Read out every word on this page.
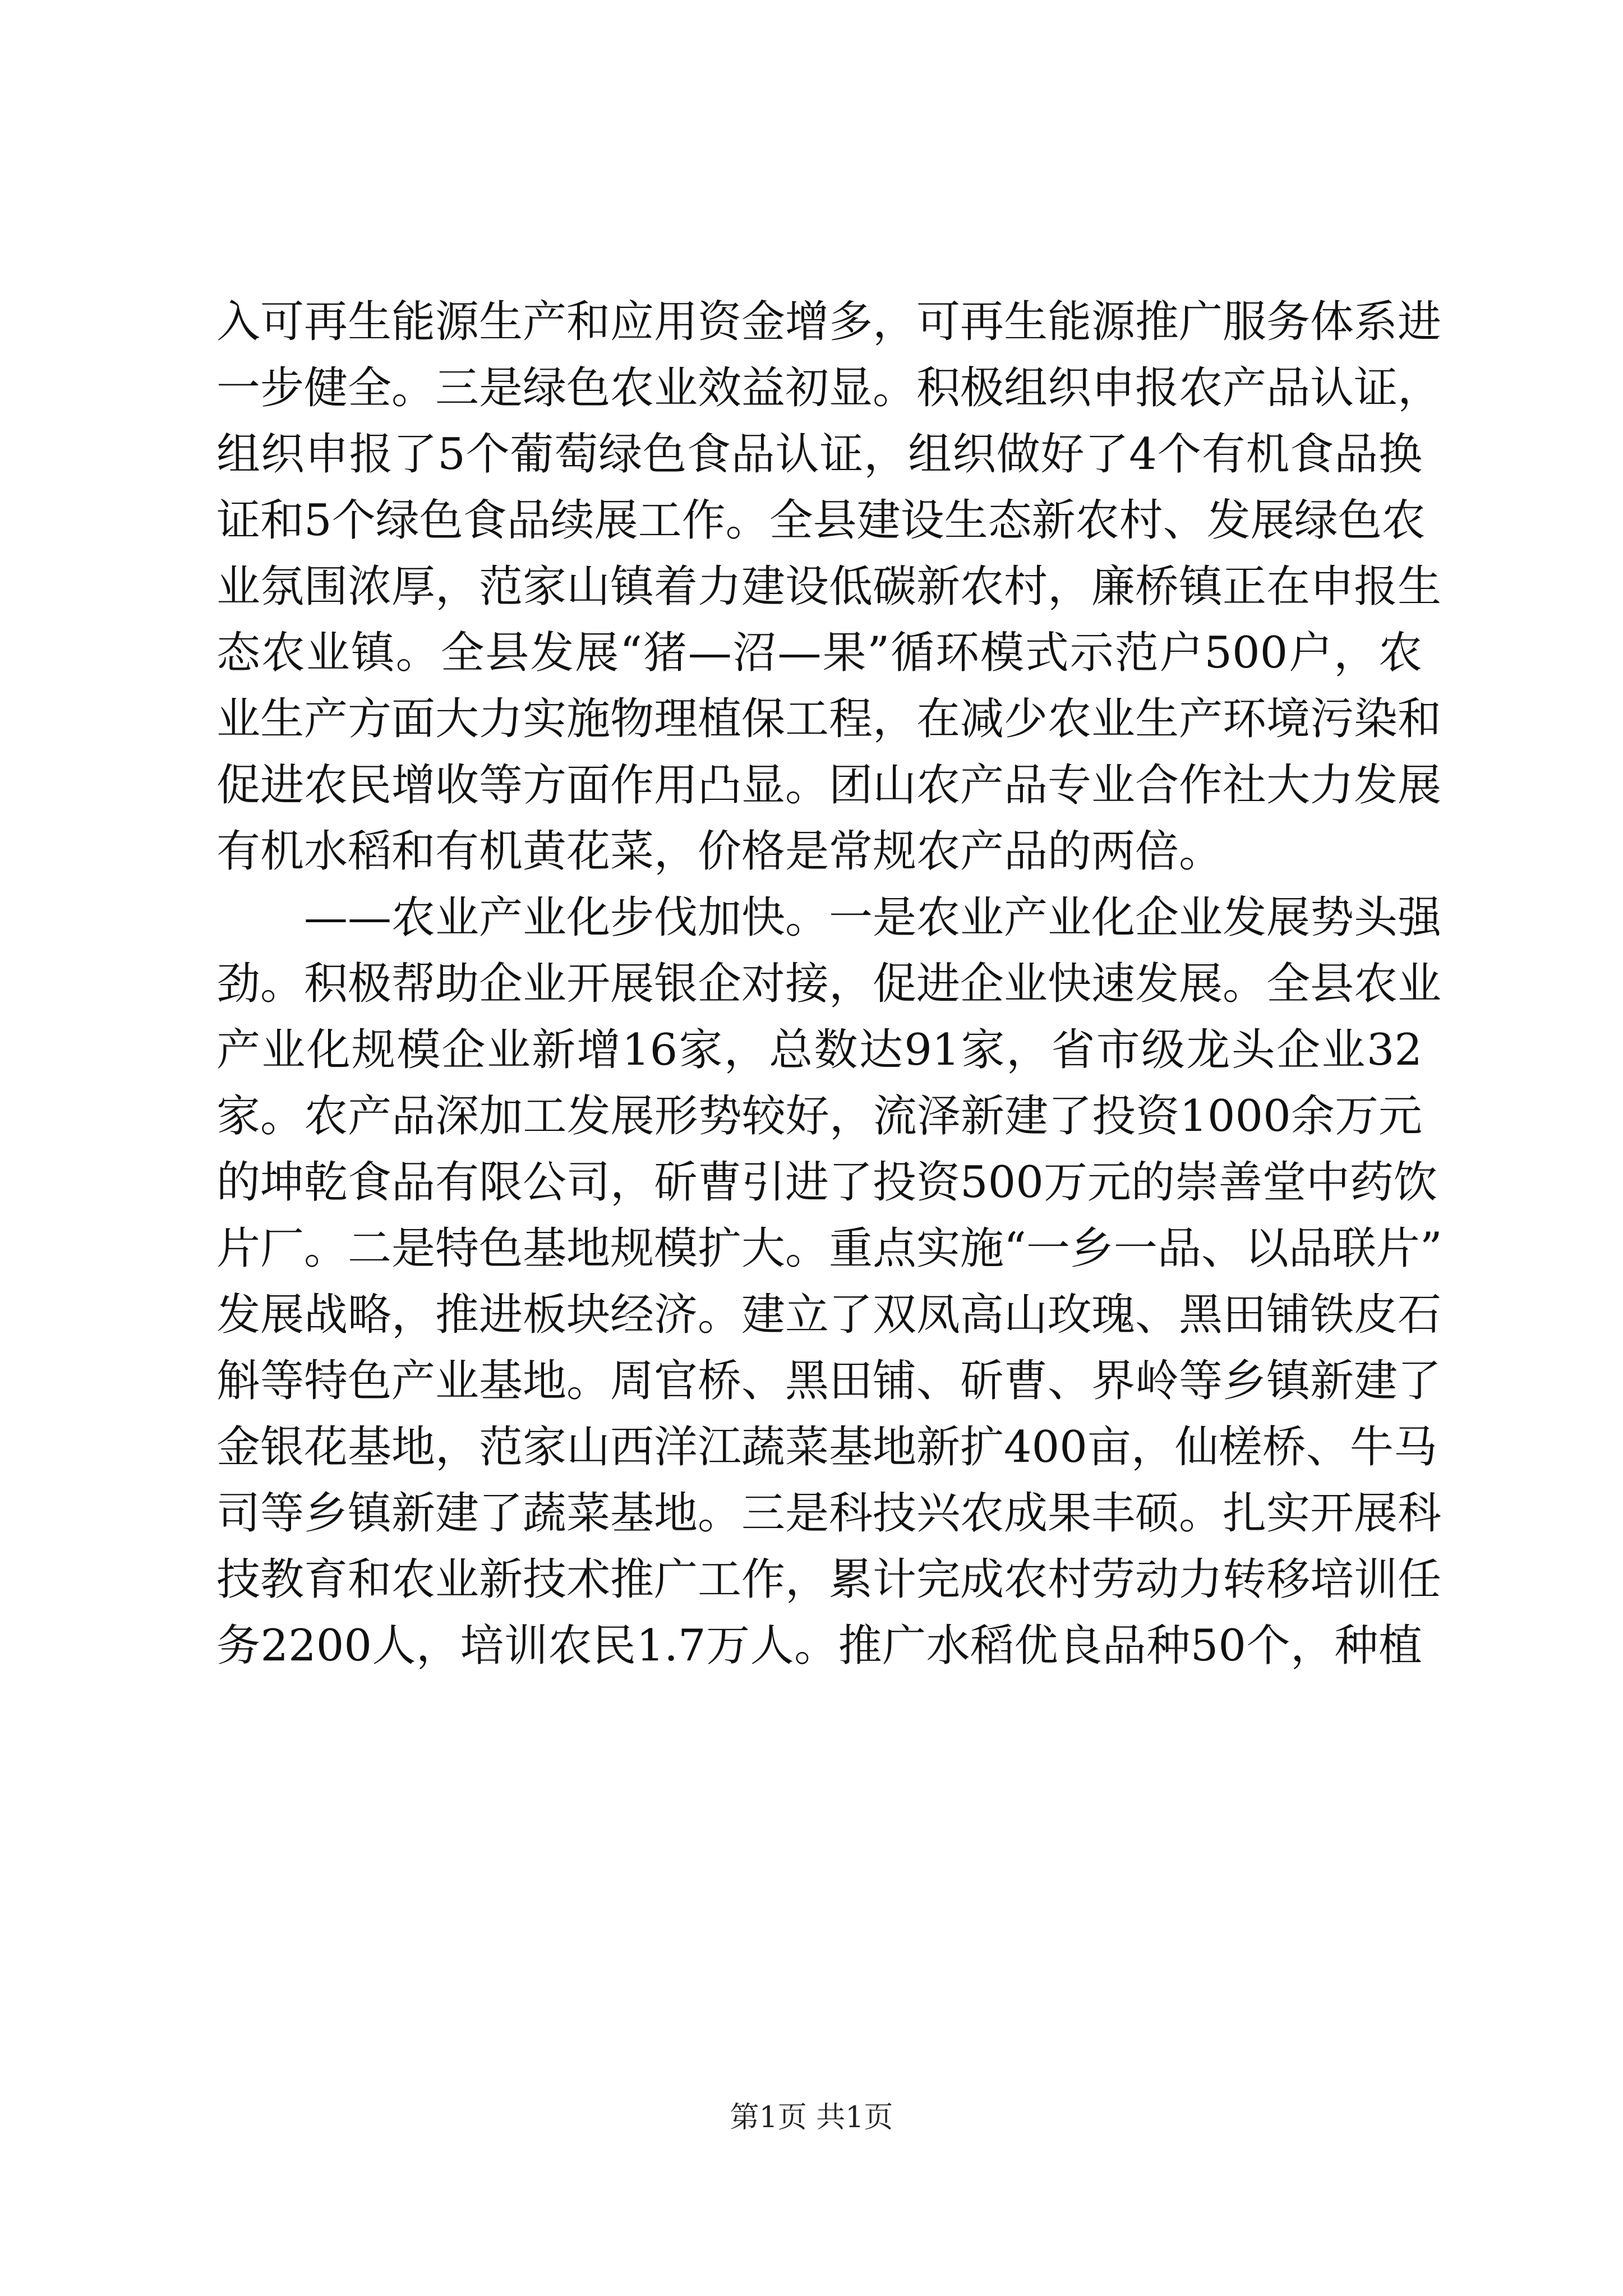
入可再生能源生产和应用资金增多，可再生能源推广服务体系进
一步健全。三是绿色农业效益初显。积极组织申报农产品认证，
组织申报了5个葡萄绿色食品认证，组织做好了4个有机食品换
证和5个绿色食品续展工作。全县建设生态新农村、发展绿色农
业氛围浓厚，范家山镇着力建设低碳新农村，廉桥镇正在申报生
态农业镇。全县发展“猪—沼—果”循环模式示范户500户，农
业生产方面大力实施物理植保工程，在减少农业生产环境污染和
促进农民增收等方面作用凸显。团山农产品专业合作社大力发展
有机水稻和有机黄花菜，价格是常规农产品的两倍。
——农业产业化步伐加快。一是农业产业化企业发展势头强
劲。积极帮助企业开展银企对接，促进企业快速发展。全县农业
产业化规模企业新增16家，总数达91家，省市级龙头企业32
家。农产品深加工发展形势较好，流泽新建了投资1000余万元
的坤乾食品有限公司，斫曹引进了投资500万元的崇善堂中药饮
片厂。二是特色基地规模扩大。重点实施“一乡一品、以品联片”
发展战略，推进板块经济。建立了双凤高山玫瑰、黑田铺铁皮石
斛等特色产业基地。周官桥、黑田铺、斫曹、界岭等乡镇新建了
金银花基地，范家山西洋江蔬菜基地新扩400亩，仙槎桥、牛马
司等乡镇新建了蔬菜基地。三是科技兴农成果丰硕。扎实开展科
技教育和农业新技术推广工作，累计完成农村劳动力转移培训任
务2200人，培训农民1.7万人。推广水稻优良品种50个，种植
第1页 共1页
